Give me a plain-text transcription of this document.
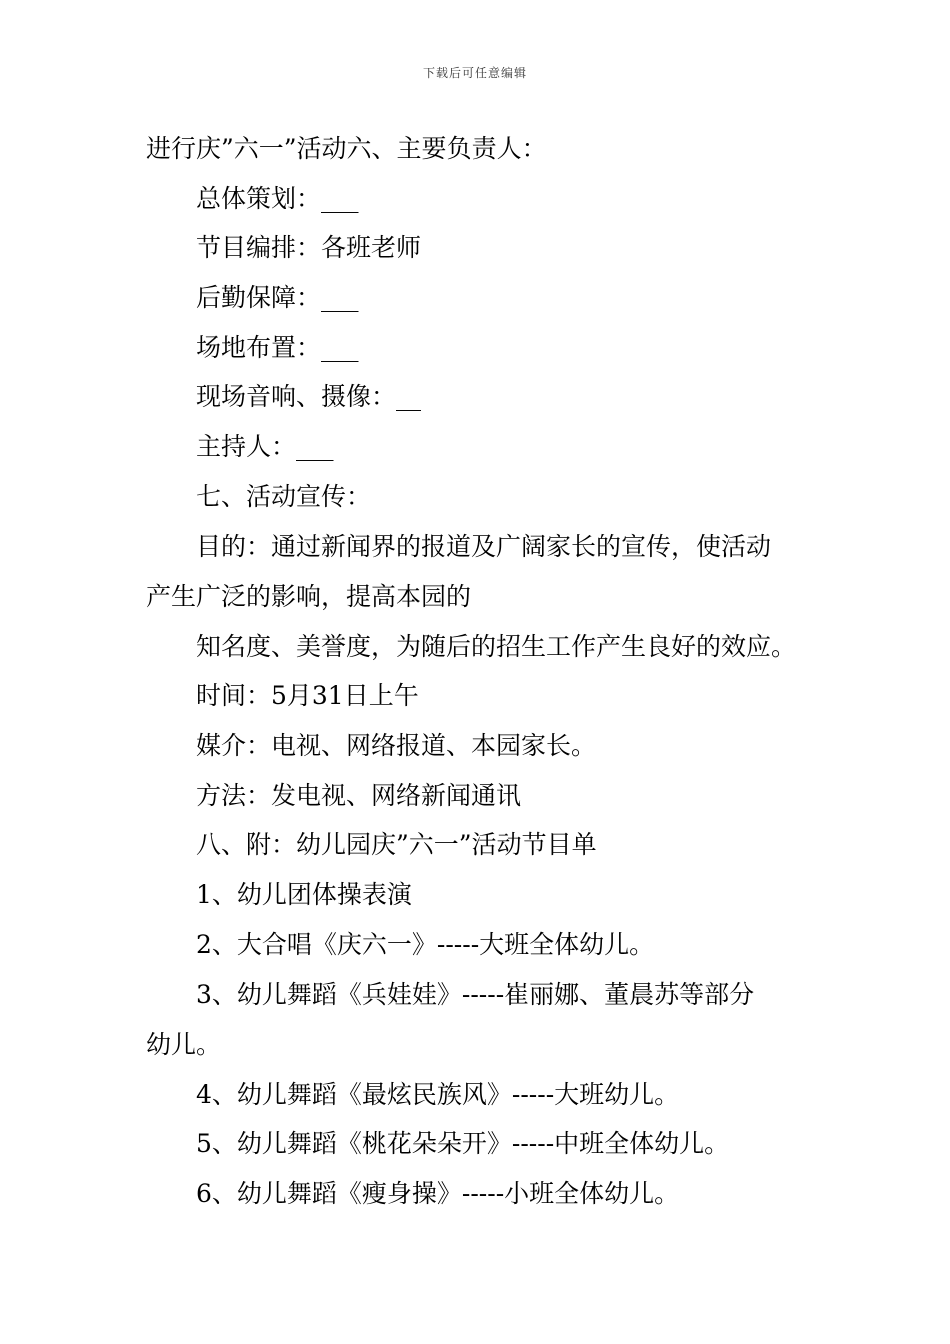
下载后可任意编辑
进行庆”六一”活动六、主要负责人：
总体策划：___
节目编排：各班老师
后勤保障：___
场地布置：___
现场音响、摄像：__
主持人：___
七、活动宣传：
目的：通过新闻界的报道及广阔家长的宣传，使活动
产生广泛的影响，提高本园的
知名度、美誉度，为随后的招生工作产生良好的效应。
时间：5月31日上午
媒介：电视、网络报道、本园家长。
方法：发电视、网络新闻通讯
八、附：幼儿园庆”六一”活动节目单
1、幼儿团体操表演
2、大合唱《庆六一》-----大班全体幼儿。
3、幼儿舞蹈《兵娃娃》-----崔丽娜、董晨苏等部分
幼儿。
4、幼儿舞蹈《最炫民族风》-----大班幼儿。
5、幼儿舞蹈《桃花朵朵开》-----中班全体幼儿。
6、幼儿舞蹈《瘦身操》-----小班全体幼儿。
